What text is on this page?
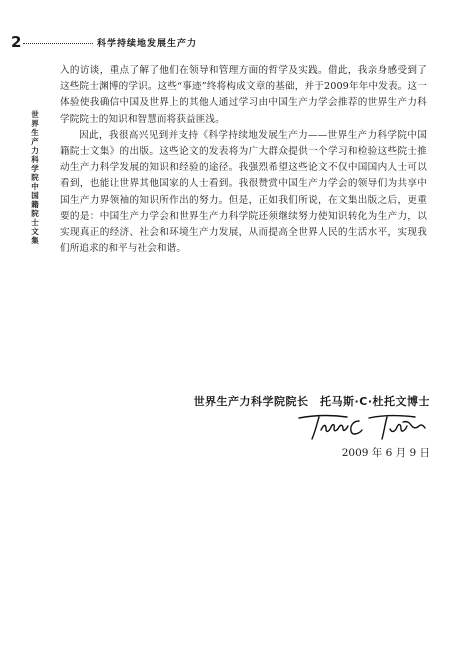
2	科学持续地发展生产力
世界生产力科学院中国籍院士文集

入的访谈，重点了解了他们在领导和管理方面的哲学及实践。借此，我亲身感受到了这些院士渊博的学识。这些“事迹”终将构成文章的基础，并于2009年年中发表。这一体验使我确信中国及世界上的其他人通过学习由中国生产力学会推荐的世界生产力科学院院士的知识和智慧而将获益匪浅。

因此，我很高兴见到并支持《科学持续地发展生产力——世界生产力科学院中国籍院士文集》的出版。这些论文的发表将为广大群众提供一个学习和检验这些院士推动生产力科学发展的知识和经验的途径。我强烈希望这些论文不仅中国国内人士可以看到，也能让世界其他国家的人士看到。我很赞赏中国生产力学会的领导们为共享中国生产力界领袖的知识所作出的努力。但是，正如我们所说，在文集出版之后，更重要的是：中国生产力学会和世界生产力科学院还须继续努力使知识转化为生产力，以实现真正的经济、社会和环境生产力发展，从而提高全世界人民的生活水平，实现我们所追求的和平与社会和谐。

世界生产力科学院院长　托马斯·C·杜托文博士
2009 年 6 月 9 日
